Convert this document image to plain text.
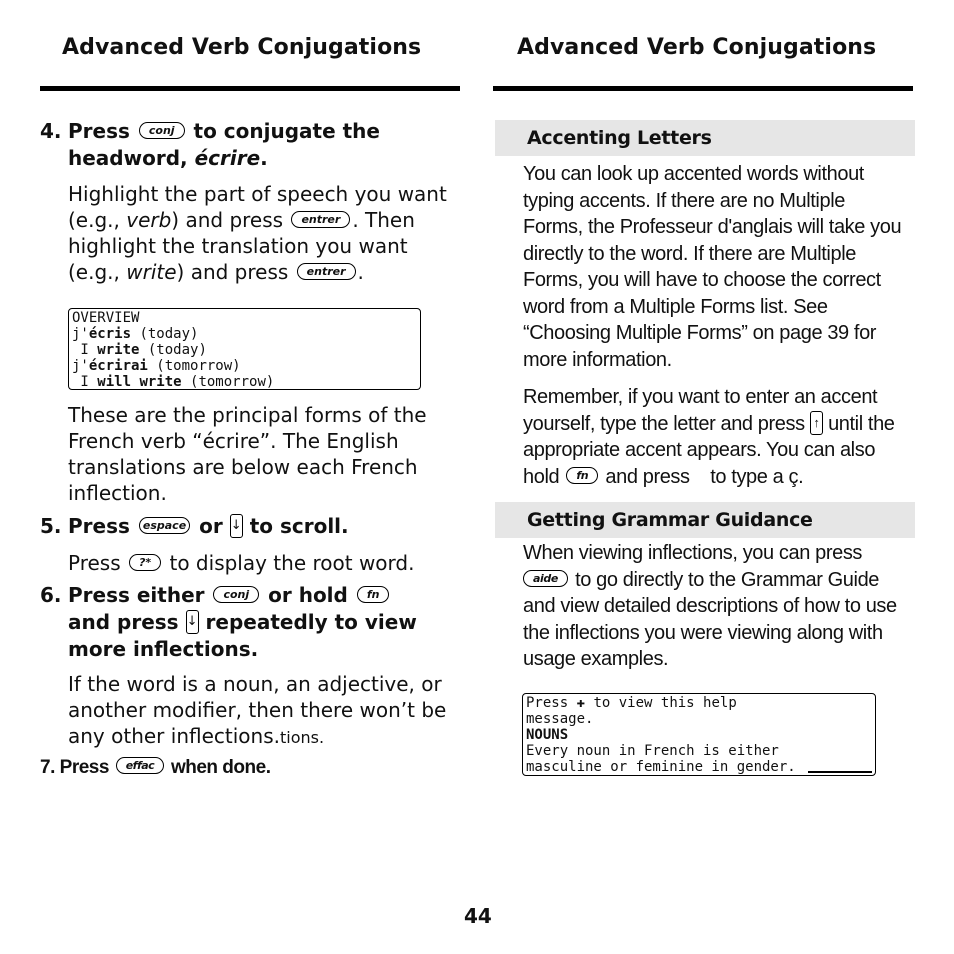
Advanced Verb Conjugations	Advanced Verb Conjugations
4. Press conj to conjugate the
headword, écrire.
Highlight the part of speech you want
(e.g., verb) and press entrer . Then
highlight the translation you want
(e.g., write) and press entrer .
OVERVIEW
j'écris (today)
I write (today)
j'écrirai (tomorrow)
I will write (tomorrow)
These are the principal forms of the
French verb “écrire”. The English
translations are below each French
inflection.
5. Press espace or ↓ to scroll.
Press ?* to display the root word.
6. Press either conj or hold fn
and press ↓ repeatedly to view
more inflections.
If the word is a noun, an adjective, or
another modifier, then there won’t be
any other inflections.tions.
7. Press effac when done.
Accenting Letters
You can look up accented words without
typing accents. If there are no Multiple
Forms, the Professeur d'anglais will take you
directly to the word. If there are Multiple
Forms, you will have to choose the correct
word from a Multiple Forms list. See
“Choosing Multiple Forms” on page 39 for
more information.
Remember, if you want to enter an accent
yourself, type the letter and press ↑ until the
appropriate accent appears. You can also
hold fn and press to type a ç.
Getting Grammar Guidance
When viewing inflections, you can press
aide to go directly to the Grammar Guide
and view detailed descriptions of how to use
the inflections you were viewing along with
usage examples.
Press ✚ to view this help
message.
NOUNS
Every noun in French is either
masculine or feminine in gender.
44
